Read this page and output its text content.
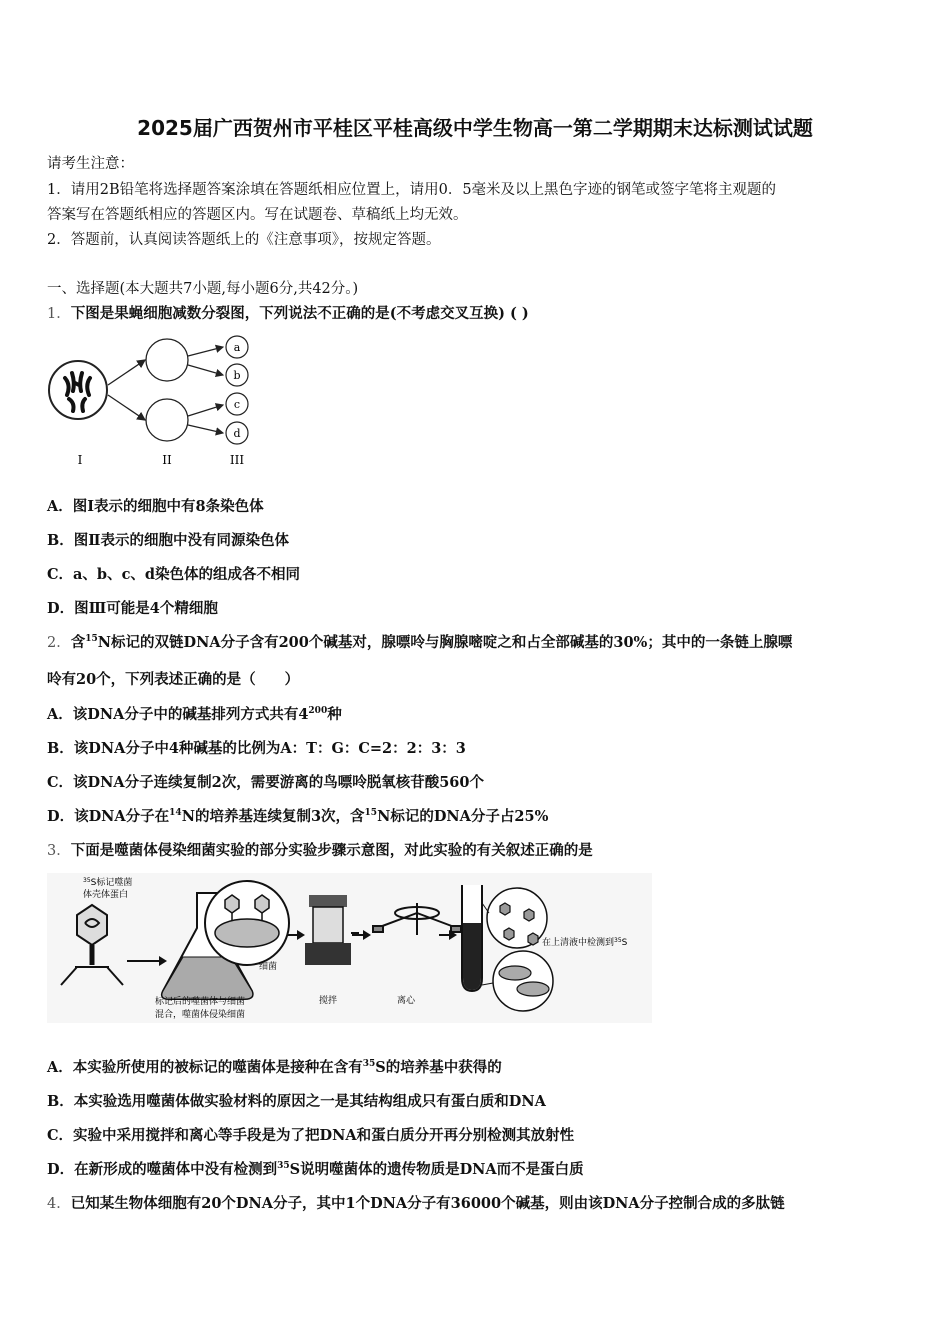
2025届广西贺州市平桂区平桂高级中学生物高一第二学期期末达标测试试题
请考生注意：
1．请用2B铅笔将选择题答案涂填在答题纸相应位置上，请用0．5毫米及以上黑色字迹的钢笔或签字笔将主观题的
答案写在答题纸相应的答题区内。写在试题卷、草稿纸上均无效。
2．答题前，认真阅读答题纸上的《注意事项》，按规定答题。
一、选择题(本大题共7小题,每小题6分,共42分。)
1．下图是果蝇细胞减数分裂图，下列说法不正确的是(不考虑交叉互换) ( )
a
b
c
d
I	II	III
A．图Ⅰ表示的细胞中有8条染色体
B．图Ⅱ表示的细胞中没有同源染色体
C．a、b、c、d染色体的组成各不相同
D．图Ⅲ可能是4个精细胞
2．含$^{15}$N标记的双链DNA分子含有200个碱基对，腺嘌呤与胸腺嘧啶之和占全部碱基的30%；其中的一条链上腺嘌
呤有20个，下列表述正确的是（　　）
A．该DNA分子中的碱基排列方式共有$4^{200}$种
B．该DNA分子中4种碱基的比例为A：T：G：C=2：2：3：3
C．该DNA分子连续复制2次，需要游离的鸟嘌呤脱氧核苷酸560个
D．该DNA分子在$^{14}$N的培养基连续复制3次，含$^{15}$N标记的DNA分子占25%
3．下面是噬菌体侵染细菌实验的部分实验步骤示意图，对此实验的有关叙述正确的是
$^{35}$S标记噬菌
体壳体蛋白
细菌
标记后的噬菌体与细菌
混合，噬菌体侵染细菌
搅拌	离心
在上清液中检测到$^{35}$S
A．本实验所使用的被标记的噬菌体是接种在含有$^{35}$S的培养基中获得的
B．本实验选用噬菌体做实验材料的原因之一是其结构组成只有蛋白质和DNA
C．实验中采用搅拌和离心等手段是为了把DNA和蛋白质分开再分别检测其放射性
D．在新形成的噬菌体中没有检测到$^{35}$S说明噬菌体的遗传物质是DNA而不是蛋白质
4．已知某生物体细胞有20个DNA分子，其中1个DNA分子有36000个碱基，则由该DNA分子控制合成的多肽链
